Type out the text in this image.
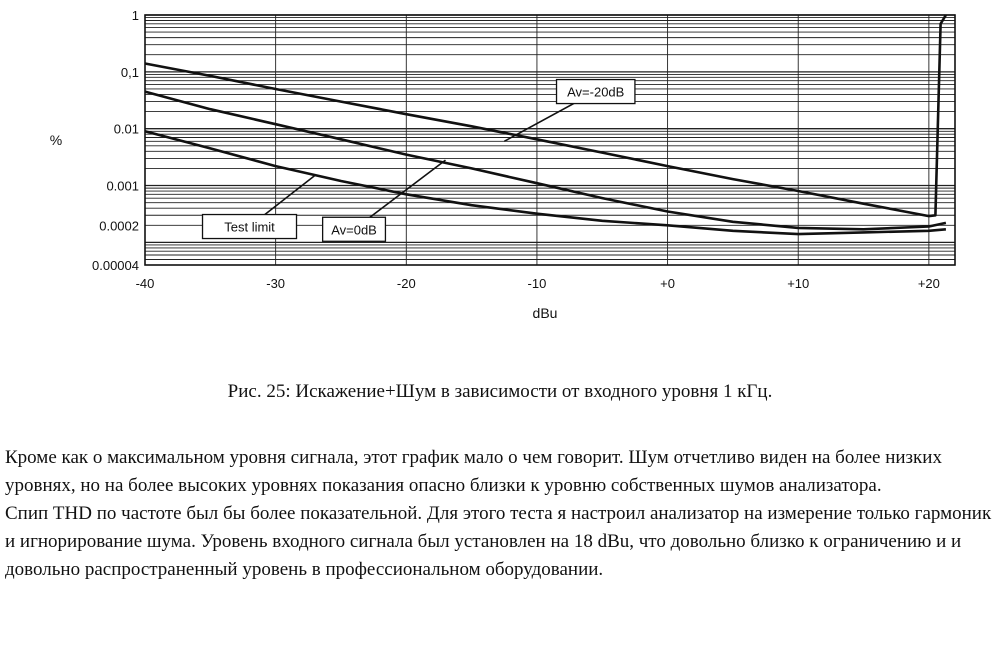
1
0,1
0.01
0.001
0.0002
0.00004
-40	-30	-20	-10	+0	+10	+20
dBu
%
Av=-20dB
Av=0dB
Test limit
Рис. 25: Искажение+Шум в зависимости от входного уровня 1 кГц.

Кроме как о максимальном уровня сигнала, этот график мало о чем говорит. Шум отчетливо виден на более низких уровнях, но на более высоких уровнях показания опасно близки к уровню собственных шумов анализатора.

Спип THD по частоте был бы более показательной. Для этого теста я настроил анализатор на измерение только гармоник и игнорирование шума. Уровень входного сигнала был установлен на 18 dBu, что довольно близко к ограничению и и довольно распространенный уровень в профессиональном оборудовании.
